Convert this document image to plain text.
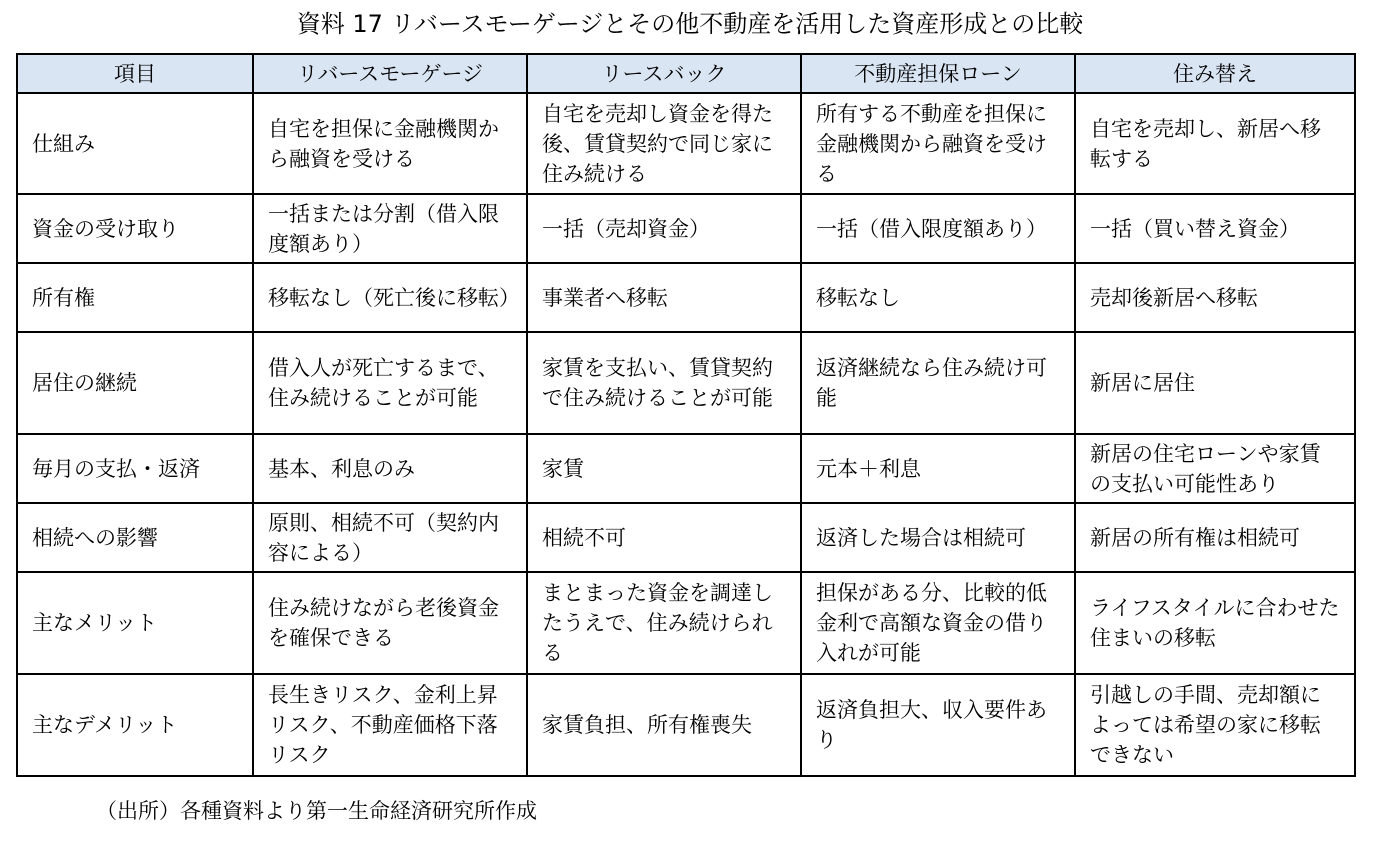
資料 17 リバースモーゲージとその他不動産を活用した資産形成との比較
項目	リバースモーゲージ	リースバック	不動産担保ローン	住み替え
仕組み	自宅を担保に金融機関から融資を受ける	自宅を売却し資金を得た後、賃貸契約で同じ家に住み続ける	所有する不動産を担保に金融機関から融資を受ける	自宅を売却し、新居へ移転する
資金の受け取り	一括または分割（借入限度額あり）	一括（売却資金）	一括（借入限度額あり）	一括（買い替え資金）
所有権	移転なし（死亡後に移転）	事業者へ移転	移転なし	売却後新居へ移転
居住の継続	借入人が死亡するまで、住み続けることが可能	家賃を支払い、賃貸契約で住み続けることが可能	返済継続なら住み続け可能	新居に居住
毎月の支払・返済	基本、利息のみ	家賃	元本＋利息	新居の住宅ローンや家賃の支払い可能性あり
相続への影響	原則、相続不可（契約内容による）	相続不可	返済した場合は相続可	新居の所有権は相続可
主なメリット	住み続けながら老後資金を確保できる	まとまった資金を調達したうえで、住み続けられる	担保がある分、比較的低金利で高額な資金の借り入れが可能	ライフスタイルに合わせた住まいの移転
主なデメリット	長生きリスク、金利上昇リスク、不動産価格下落リスク	家賃負担、所有権喪失	返済負担大、収入要件あり	引越しの手間、売却額によっては希望の家に移転できない
（出所）各種資料より第一生命経済研究所作成
